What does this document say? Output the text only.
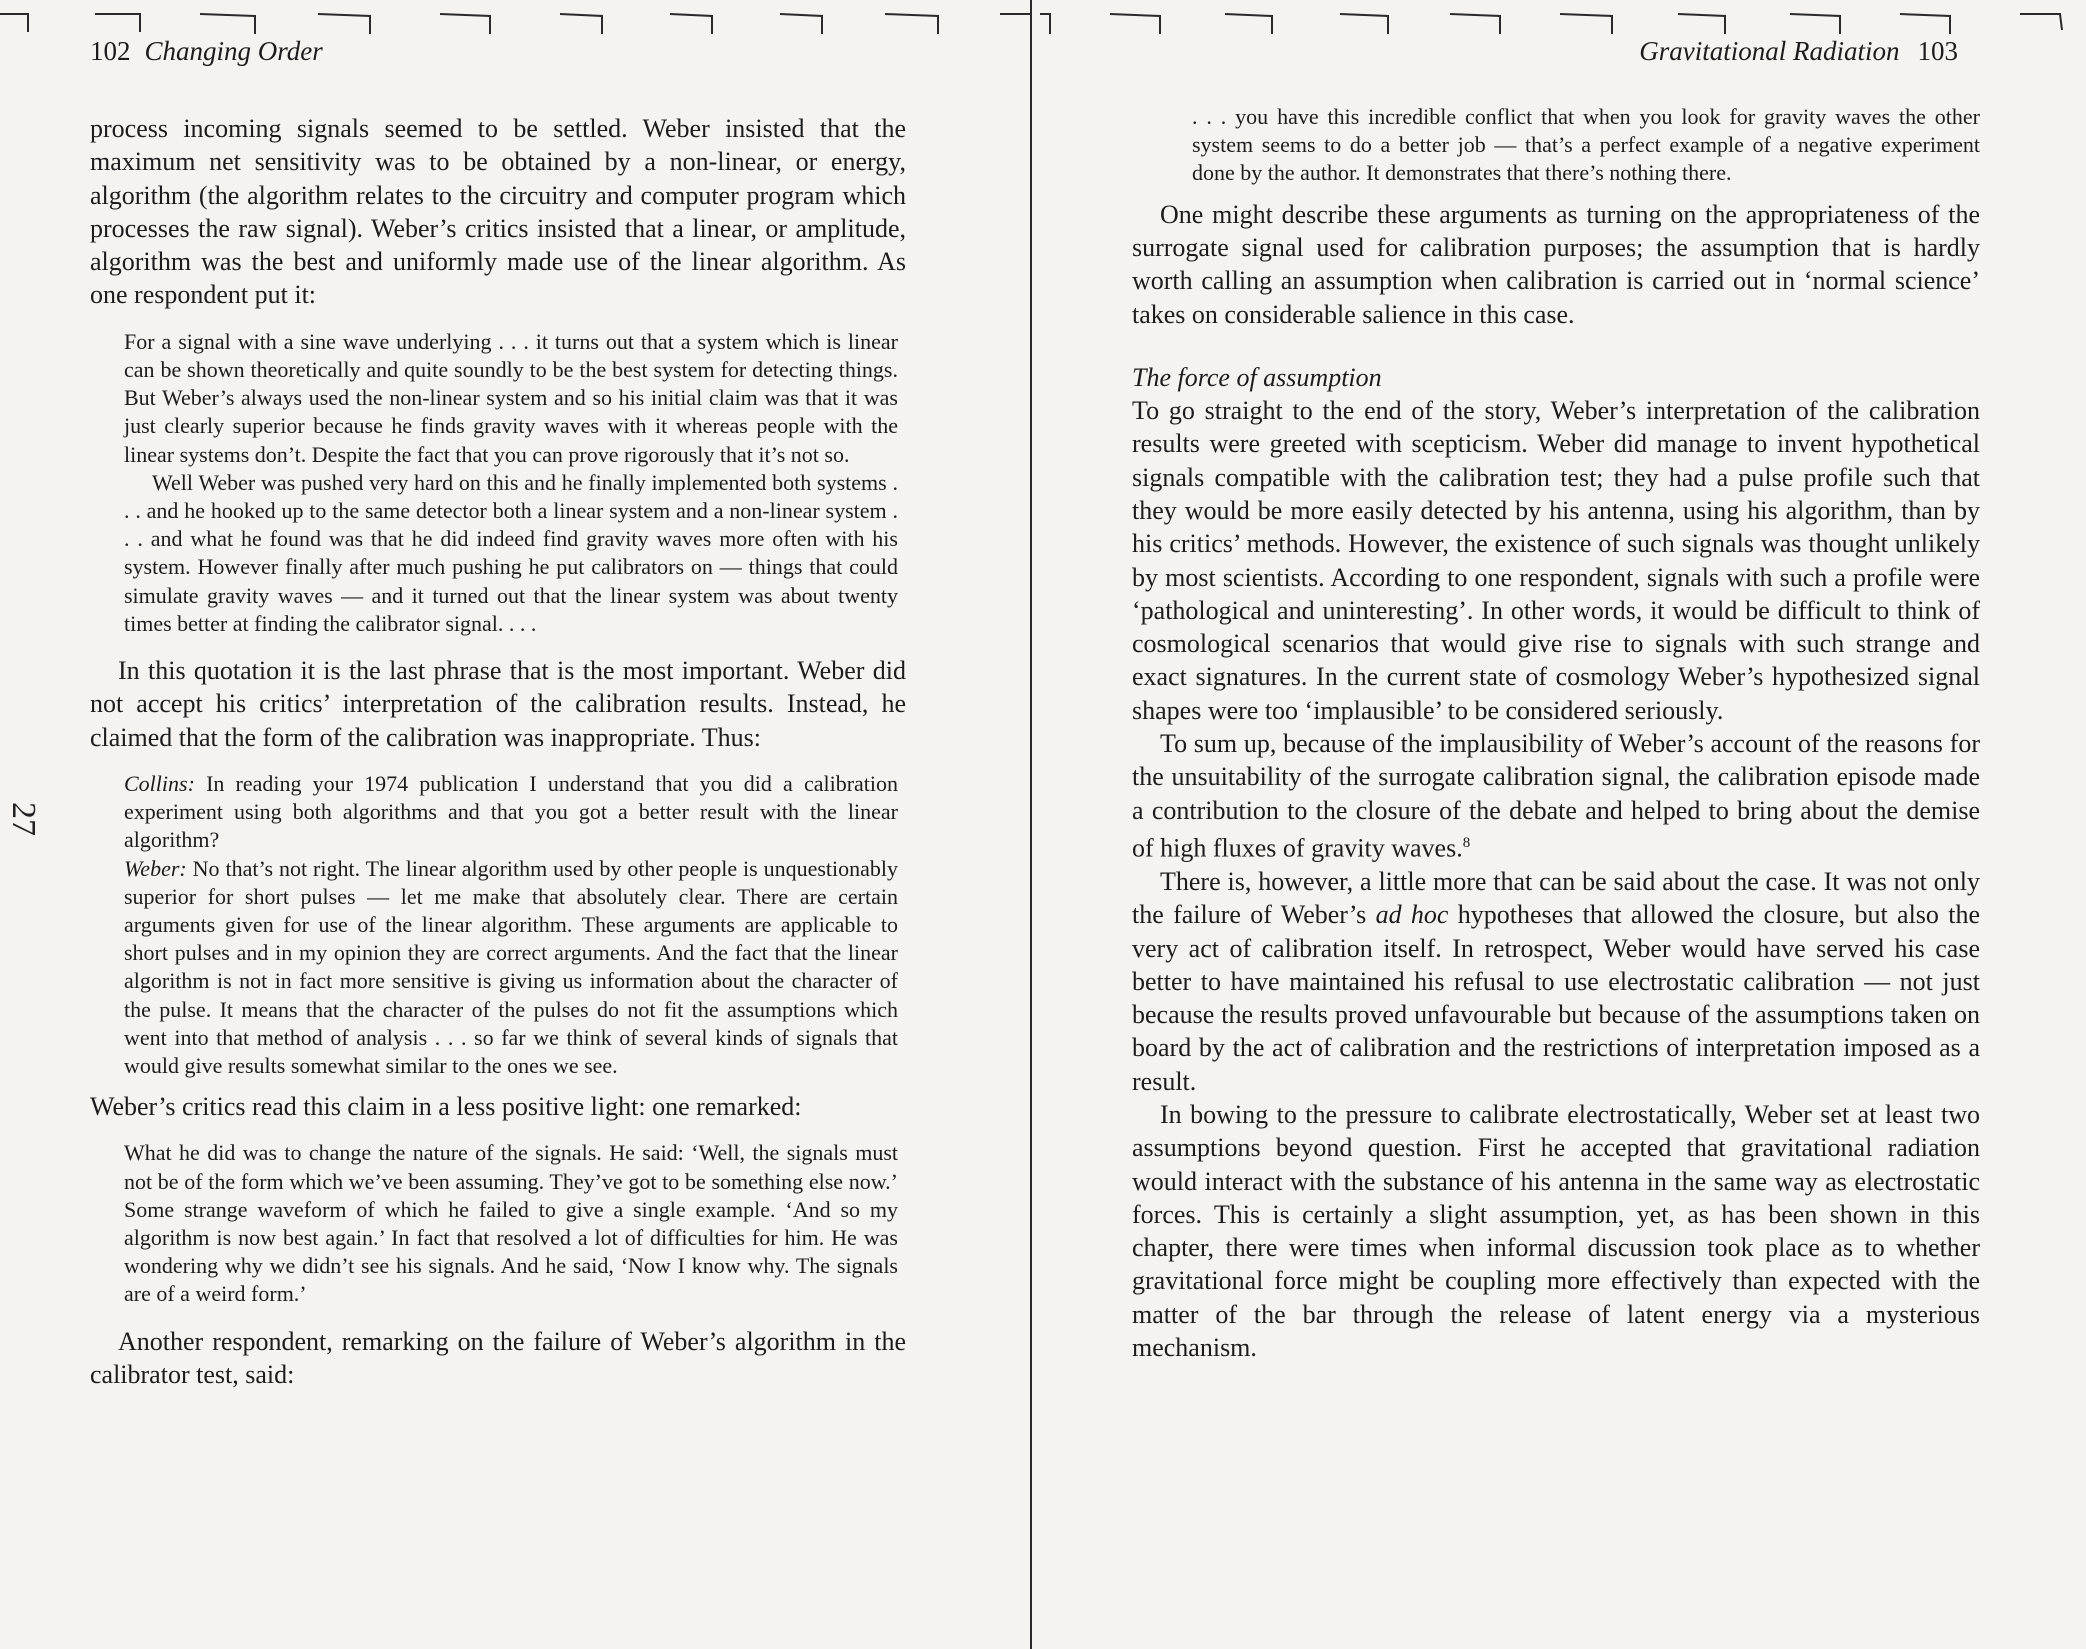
102 Changing Order
27

process incoming signals seemed to be settled. Weber insisted that the maximum net sensitivity was to be obtained by a non-linear, or energy, algorithm (the algorithm relates to the circuitry and computer program which processes the raw signal). Weber’s critics insisted that a linear, or amplitude, algorithm was the best and uniformly made use of the linear algorithm. As one respondent put it:

For a signal with a sine wave underlying . . . it turns out that a system which is linear can be shown theoretically and quite soundly to be the best system for detecting things. But Weber’s always used the non-linear system and so his initial claim was that it was just clearly superior because he finds gravity waves with it whereas people with the linear systems don’t. Despite the fact that you can prove rigorously that it’s not so.

Well Weber was pushed very hard on this and he finally implemented both systems . . . and he hooked up to the same detector both a linear system and a non-linear system . . . and what he found was that he did indeed find gravity waves more often with his system. However finally after much pushing he put calibrators on — things that could simulate gravity waves — and it turned out that the linear system was about twenty times better at finding the calibrator signal. . . .

In this quotation it is the last phrase that is the most important. Weber did not accept his critics’ interpretation of the calibration results. Instead, he claimed that the form of the calibration was inappropriate. Thus:

Collins: In reading your 1974 publication I understand that you did a calibration experiment using both algorithms and that you got a better result with the linear algorithm?

Weber: No that’s not right. The linear algorithm used by other people is unquestionably superior for short pulses — let me make that absolutely clear. There are certain arguments given for use of the linear algorithm. These arguments are applicable to short pulses and in my opinion they are correct arguments. And the fact that the linear algorithm is not in fact more sensitive is giving us information about the character of the pulse. It means that the character of the pulses do not fit the assumptions which went into that method of analysis . . . so far we think of several kinds of signals that would give results somewhat similar to the ones we see.

Weber’s critics read this claim in a less positive light: one remarked:

What he did was to change the nature of the signals. He said: ‘Well, the signals must not be of the form which we’ve been assuming. They’ve got to be something else now.’ Some strange waveform of which he failed to give a single example. ‘And so my algorithm is now best again.’ In fact that resolved a lot of difficulties for him. He was wondering why we didn’t see his signals. And he said, ‘Now I know why. The signals are of a weird form.’

Another respondent, remarking on the failure of Weber’s algorithm in the calibrator test, said:

Gravitational Radiation 103

. . . you have this incredible conflict that when you look for gravity waves the other system seems to do a better job — that’s a perfect example of a negative experiment done by the author. It demonstrates that there’s nothing there.

One might describe these arguments as turning on the appropriateness of the surrogate signal used for calibration purposes; the assumption that is hardly worth calling an assumption when calibration is carried out in ‘normal science’ takes on considerable salience in this case.

The force of assumption

To go straight to the end of the story, Weber’s interpretation of the calibration results were greeted with scepticism. Weber did manage to invent hypothetical signals compatible with the calibration test; they had a pulse profile such that they would be more easily detected by his antenna, using his algorithm, than by his critics’ methods. However, the existence of such signals was thought unlikely by most scientists. According to one respondent, signals with such a profile were ‘pathological and uninteresting’. In other words, it would be difficult to think of cosmological scenarios that would give rise to signals with such strange and exact signatures. In the current state of cosmology Weber’s hypothesized signal shapes were too ‘implausible’ to be considered seriously.

To sum up, because of the implausibility of Weber’s account of the reasons for the unsuitability of the surrogate calibration signal, the calibration episode made a contribution to the closure of the debate and helped to bring about the demise of high fluxes of gravity waves.$^8$

There is, however, a little more that can be said about the case. It was not only the failure of Weber’s ad hoc hypotheses that allowed the closure, but also the very act of calibration itself. In retrospect, Weber would have served his case better to have maintained his refusal to use electrostatic calibration — not just because the results proved unfavourable but because of the assumptions taken on board by the act of calibration and the restrictions of interpretation imposed as a result.

In bowing to the pressure to calibrate electrostatically, Weber set at least two assumptions beyond question. First he accepted that gravitational radiation would interact with the substance of his antenna in the same way as electrostatic forces. This is certainly a slight assumption, yet, as has been shown in this chapter, there were times when informal discussion took place as to whether gravitational force might be coupling more effectively than expected with the matter of the bar through the release of latent energy via a mysterious mechanism.
